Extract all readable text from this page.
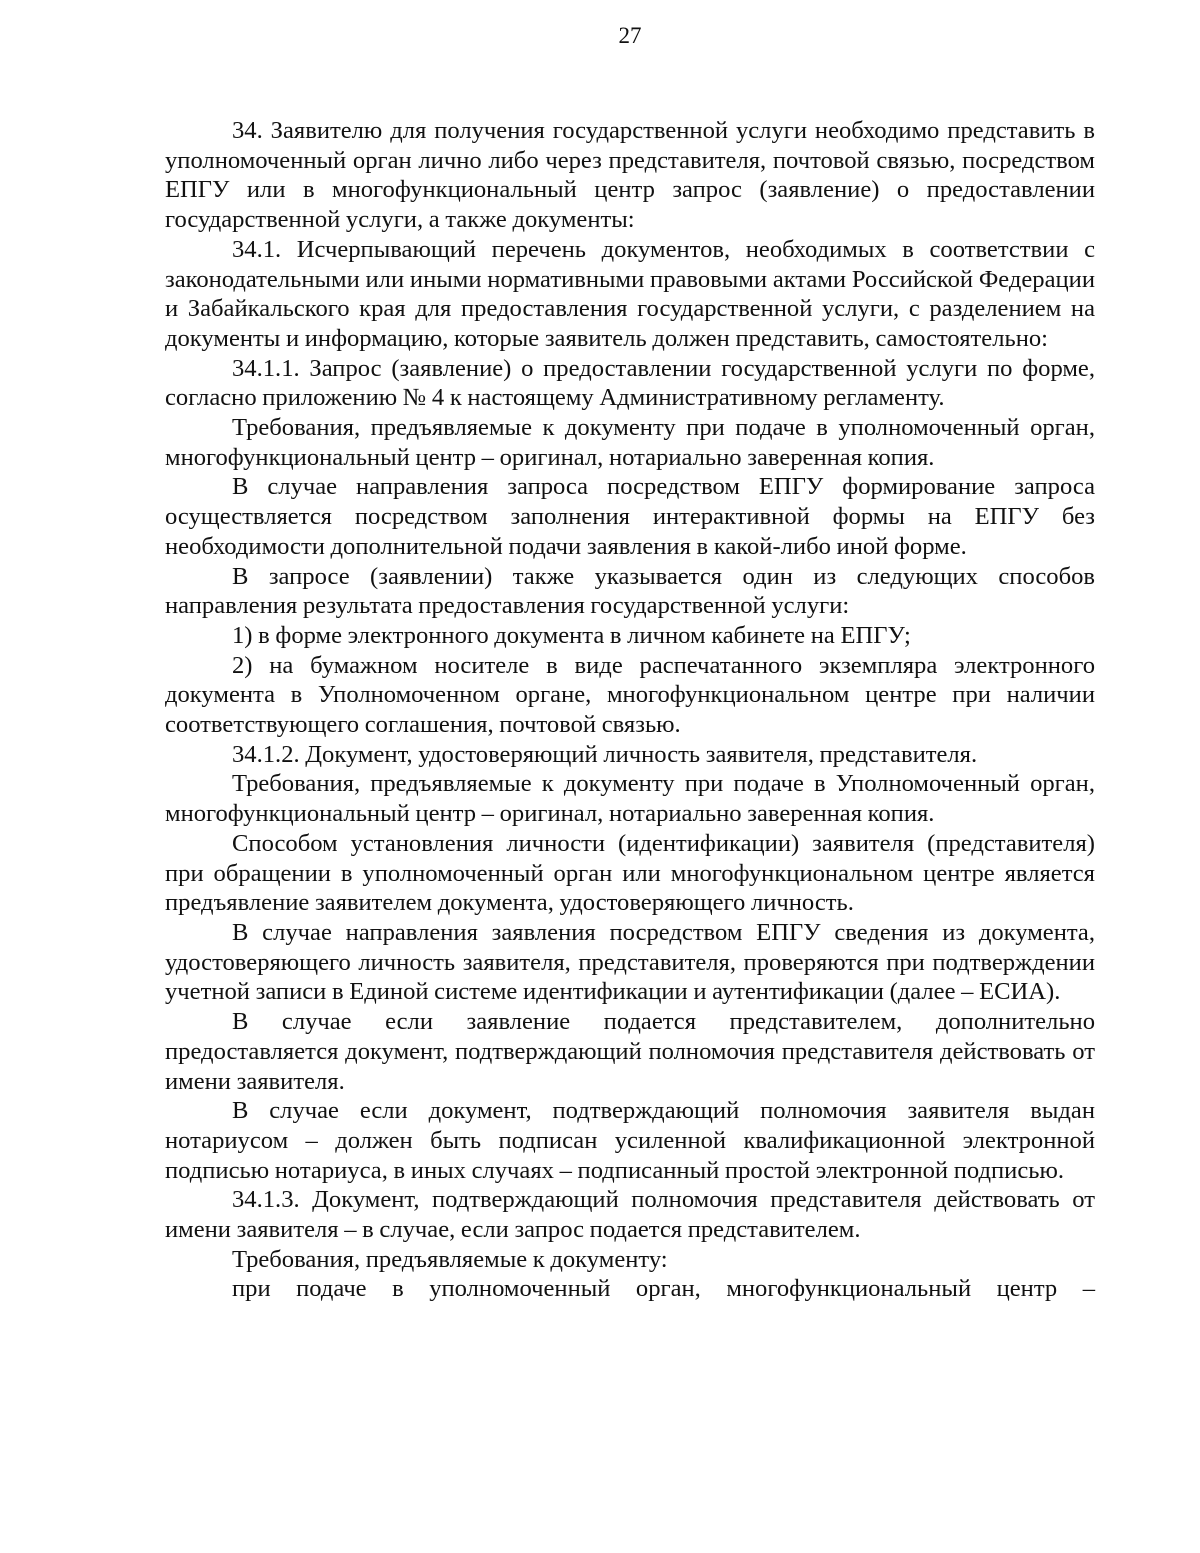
27

34. Заявителю для получения государственной услуги необходимо представить в уполномоченный орган лично либо через представителя, почтовой связью, посредством ЕПГУ или в многофункциональный центр запрос (заявление) о предоставлении государственной услуги, а также документы:

34.1. Исчерпывающий перечень документов, необходимых в соответствии с законодательными или иными нормативными правовыми актами Российской Федерации и Забайкальского края для предоставления государственной услуги, с разделением на документы и информацию, которые заявитель должен представить, самостоятельно:

34.1.1. Запрос (заявление) о предоставлении государственной услуги по форме, согласно приложению № 4 к настоящему Административному регламенту.

Требования, предъявляемые к документу при подаче в уполномоченный орган, многофункциональный центр – оригинал, нотариально заверенная копия.

В случае направления запроса посредством ЕПГУ формирование запроса осуществляется посредством заполнения интерактивной формы на ЕПГУ без необходимости дополнительной подачи заявления в какой-либо иной форме.

В запросе (заявлении) также указывается один из следующих способов направления результата предоставления государственной услуги:

1) в форме электронного документа в личном кабинете на ЕПГУ;

2) на бумажном носителе в виде распечатанного экземпляра электронного документа в Уполномоченном органе, многофункциональном центре при наличии соответствующего соглашения, почтовой связью.

34.1.2. Документ, удостоверяющий личность заявителя, представителя.

Требования, предъявляемые к документу при подаче в Уполномоченный орган, многофункциональный центр – оригинал, нотариально заверенная копия.

Способом установления личности (идентификации) заявителя (представителя) при обращении в уполномоченный орган или многофункциональном центре является предъявление заявителем документа, удостоверяющего личность.

В случае направления заявления посредством ЕПГУ сведения из документа, удостоверяющего личность заявителя, представителя, проверяются при подтверждении учетной записи в Единой системе идентификации и аутентификации (далее – ЕСИА).

В случае если заявление подается представителем, дополнительно предоставляется документ, подтверждающий полномочия представителя действовать от имени заявителя.

В случае если документ, подтверждающий полномочия заявителя выдан нотариусом – должен быть подписан усиленной квалификационной электронной подписью нотариуса, в иных случаях – подписанный простой электронной подписью.

34.1.3. Документ, подтверждающий полномочия представителя действовать от имени заявителя – в случае, если запрос подается представителем.

Требования, предъявляемые к документу:

при подаче в уполномоченный орган, многофункциональный центр –
